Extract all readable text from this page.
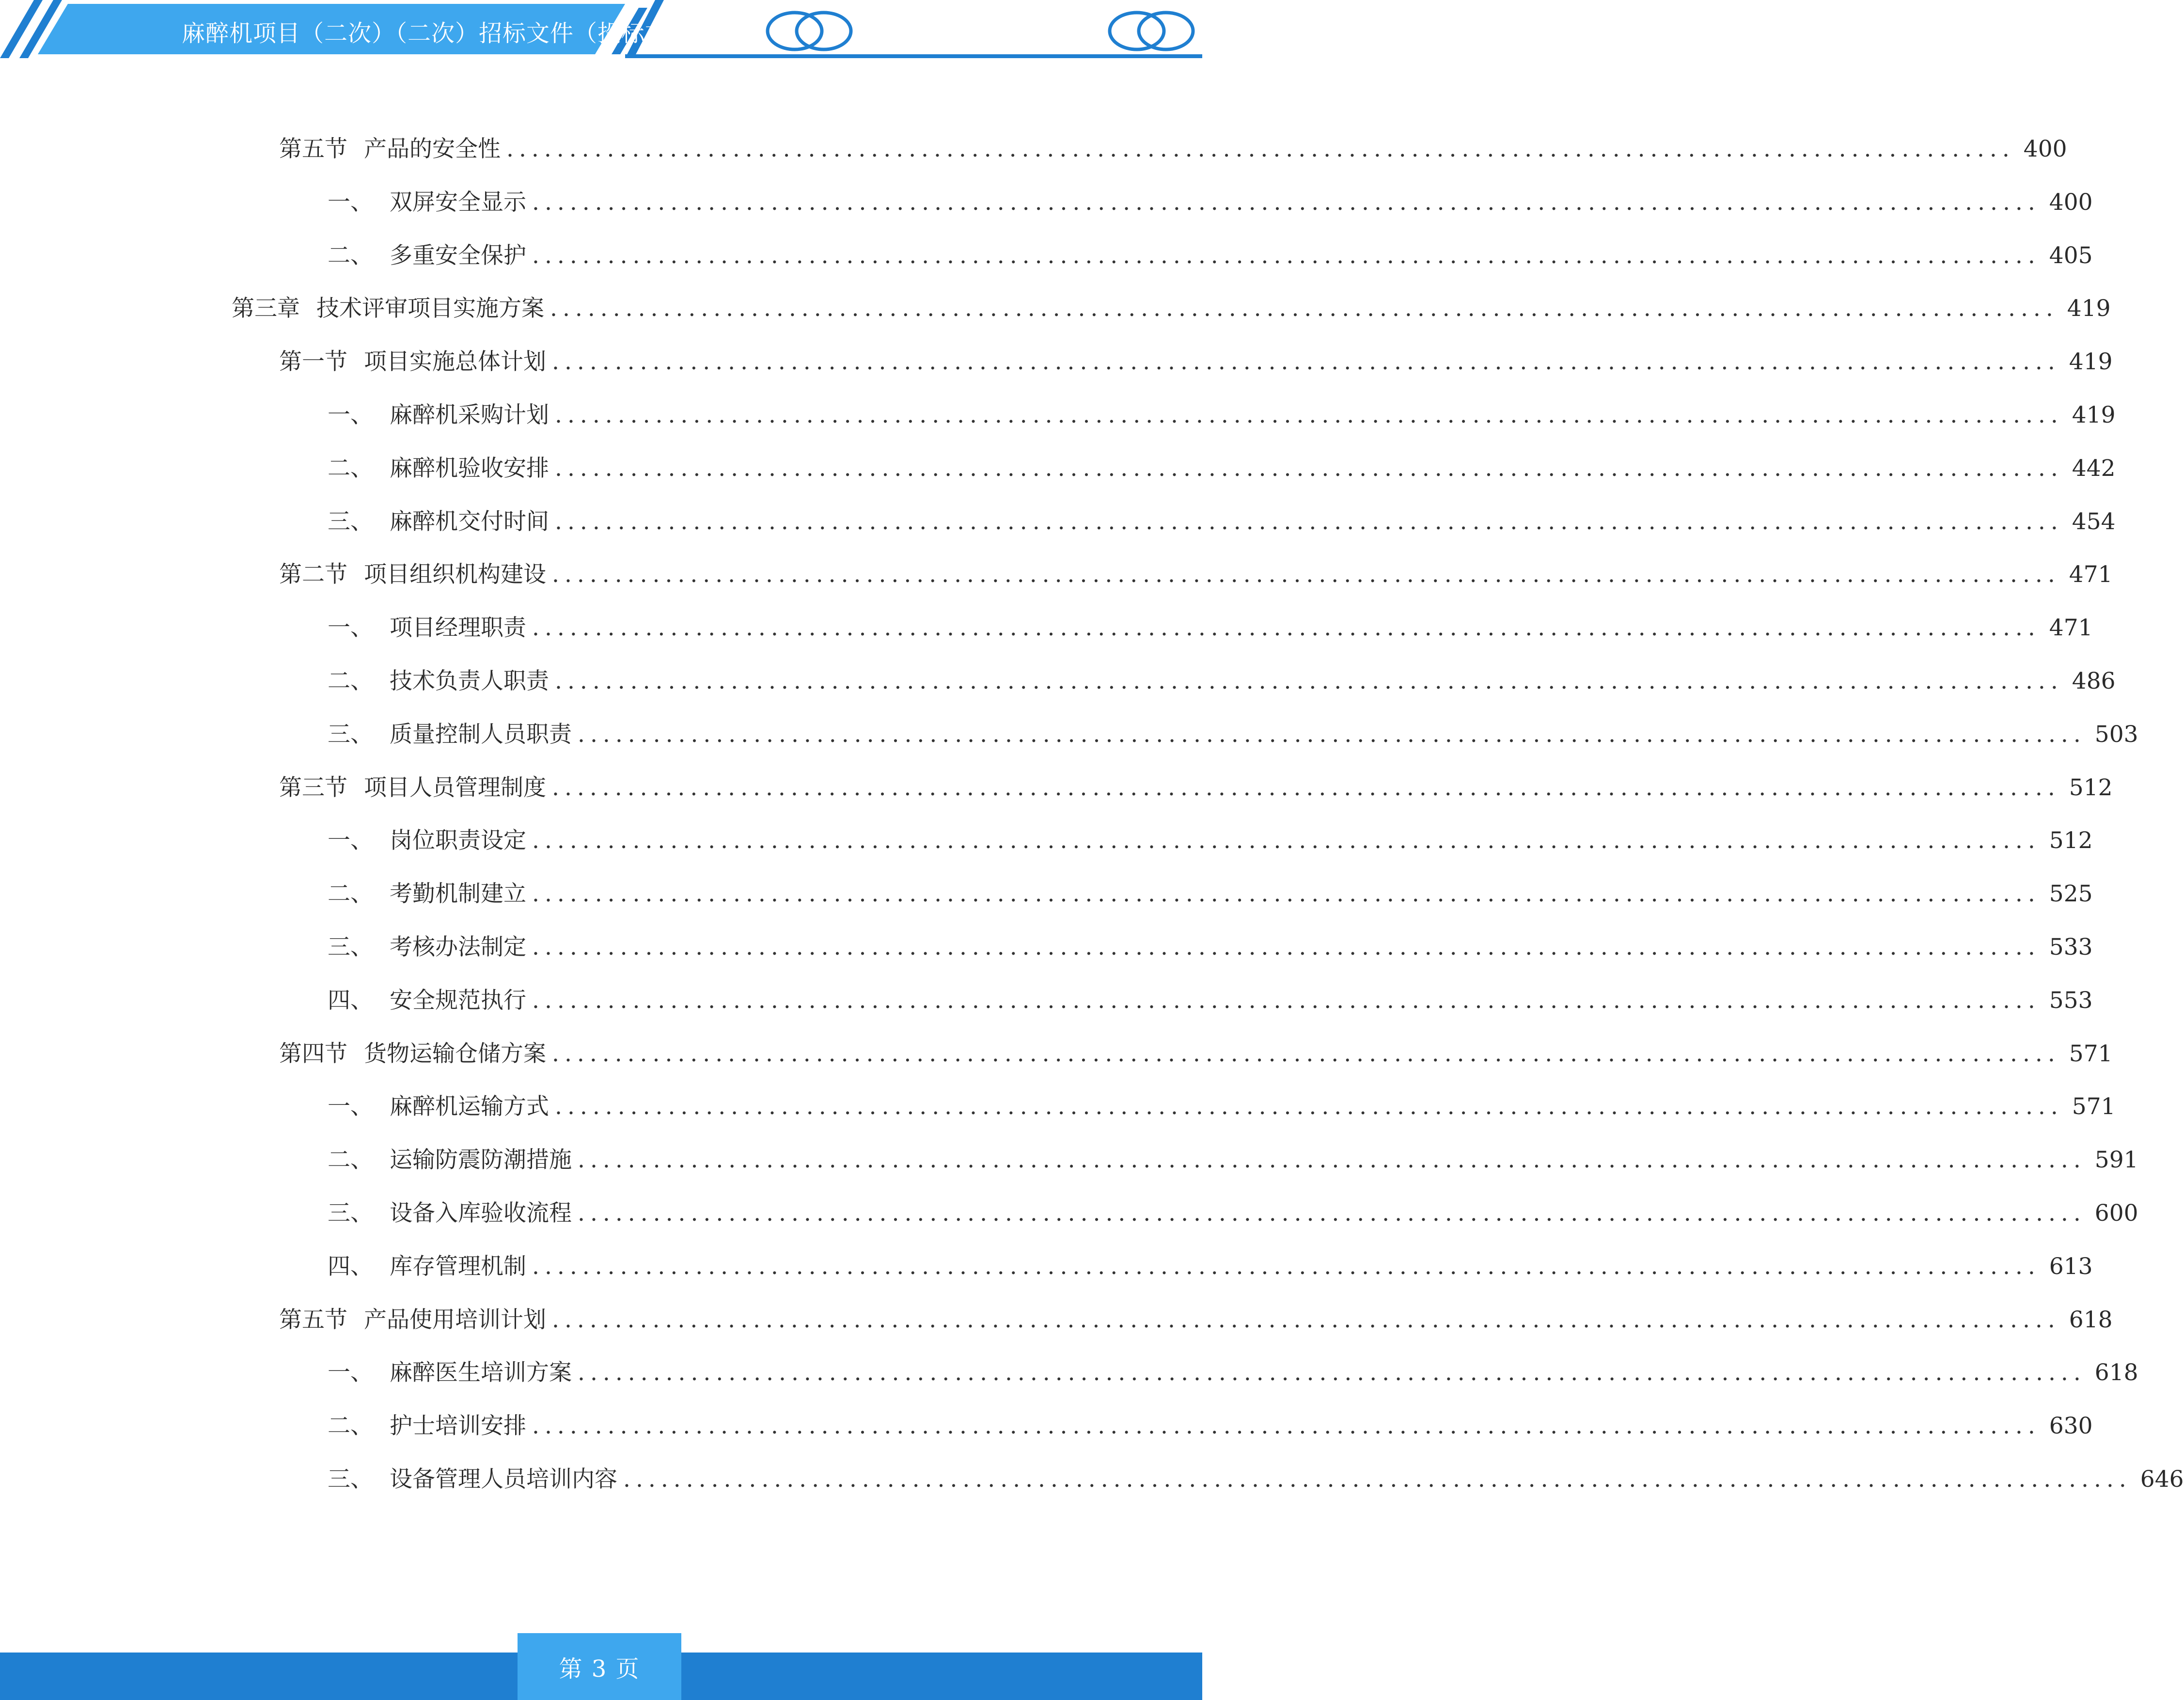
麻醉机项目（二次）（二次）招标文件（投标方案）
第五节 产品的安全性 ........................................................................................................................ 400
一、 双屏安全显示 ........................................................................................................................ 400
二、 多重安全保护 ........................................................................................................................ 405
第三章 技术评审项目实施方案 ........................................................................................................................ 419
第一节 项目实施总体计划 ........................................................................................................................ 419
一、 麻醉机采购计划 ........................................................................................................................ 419
二、 麻醉机验收安排 ........................................................................................................................ 442
三、 麻醉机交付时间 ........................................................................................................................ 454
第二节 项目组织机构建设 ........................................................................................................................ 471
一、 项目经理职责 ........................................................................................................................ 471
二、 技术负责人职责 ........................................................................................................................ 486
三、 质量控制人员职责 ........................................................................................................................ 503
第三节 项目人员管理制度 ........................................................................................................................ 512
一、 岗位职责设定 ........................................................................................................................ 512
二、 考勤机制建立 ........................................................................................................................ 525
三、 考核办法制定 ........................................................................................................................ 533
四、 安全规范执行 ........................................................................................................................ 553
第四节 货物运输仓储方案 ........................................................................................................................ 571
一、 麻醉机运输方式 ........................................................................................................................ 571
二、 运输防震防潮措施 ........................................................................................................................ 591
三、 设备入库验收流程 ........................................................................................................................ 600
四、 库存管理机制 ........................................................................................................................ 613
第五节 产品使用培训计划 ........................................................................................................................ 618
一、 麻醉医生培训方案 ........................................................................................................................ 618
二、 护士培训安排 ........................................................................................................................ 630
三、 设备管理人员培训内容 ........................................................................................................................ 646
第 3 页
